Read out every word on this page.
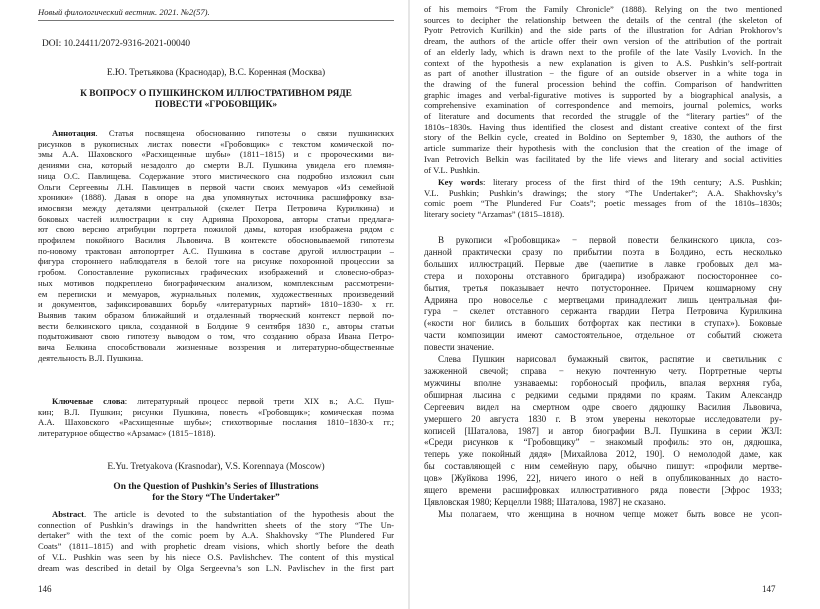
Новый филологический вестник. 2021. №2(57).
DOI: 10.24411/2072-9316-2021-00040
Е.Ю. Третьякова (Краснодар), В.С. Коренная (Москва)
К ВОПРОСУ О ПУШКИНСКОМ ИЛЛЮСТРАТИВНОМ РЯДЕ
ПОВЕСТИ «ГРОБОВЩИК»
Аннотация. Статья посвящена обоснованию гипотезы о связи пушкинских
рисунков в рукописных листах повести «Гробовщик» с текстом комической по-
эмы А.А. Шаховского «Расхищенные шубы» (1811−1815) и с пророческими ви-
дениями сна, который незадолго до смерти В.Л. Пушкина увидела его племян-
ница О.С. Павлищева. Содержание этого мистического сна подробно изложил сын
Ольги Сергеевны Л.Н. Павлищев в первой части своих мемуаров «Из семейной
хроники» (1888). Давая в опоре на два упомянутых источника расшифровку взa-
имосвязи между деталями центральной (скелет Петра Петровича Курилкина) и
боковых частей иллюстрации к сну Адрияна Прохорова, авторы статьи предлага-
ют свою версию атрибуции портрета пожилой дамы, которая изображена рядом с
профилем покойного Василия Львовича. В контексте обосновываемой гипотезы
по-новому трактован автопортрет А.С. Пушкина в составе другой иллюстрации –
фигура стороннего наблюдателя в белой тоге на рисунке похоронной процессии за
гробом. Сопоставление рукописных графических изображений и словесно-образ-
ных мотивов подкреплено биографическим анализом, комплексным рассмотрени-
ем переписки и мемуаров, журнальных полемик, художественных произведений
и документов, зафиксировавших борьбу «литературных партий» 1810−1830- х гг.
Выявив таким образом ближайший и отдаленный творческий контекст первой по-
вести белкинского цикла, созданной в Болдине 9 сентября 1830 г., авторы статьи
подытоживают свою гипотезу выводом о том, что созданию образа Ивана Петро-
вича Белкина способствовали жизненные воззрения и литературно-общественные
деятельность В.Л. Пушкина.
Ключевые слова: литературный процесс первой трети XIX в.; А.С. Пуш-
кин; В.Л. Пушкин; рисунки Пушкина, повесть «Гробовщик»; комическая поэма
А.А. Шаховского «Расхищенные шубы»; стихотворные послания 1810−1830-х гг.;
литературное общество «Арзамас» (1815−1818).
E.Yu. Tretyakova (Krasnodar), V.S. Korennaya (Moscow)
On the Question of Pushkin’s Series of Illustrations
for the Story “The Undertaker”
Abstract. The article is devoted to the substantiation of the hypothesis about the
connection of Pushkin’s drawings in the handwritten sheets of the story “The Un-
dertaker” with the text of the comic poem by A.A. Shakhovsky “The Plundered Fur
Coats” (1811–1815) and with prophetic dream visions, which shortly before the death
of V.L. Pushkin was seen by his niece O.S. Pavlishchev. The content of this mystical
dream was described in detail by Olga Sergeevna’s son L.N. Pavlischev in the first part
146
of his memoirs “From the Family Chronicle” (1888). Relying on the two mentioned
sources to decipher the relationship between the details of the central (the skeleton of
Pyotr Petrovich Kurilkin) and the side parts of the illustration for Adrian Prokhorov’s
dream, the authors of the article offer their own version of the attribution of the portrait
of an elderly lady, which is drawn next to the profile of the late Vasily Lvovich. In the
context of the hypothesis a new explanation is given to A.S. Pushkin’s self-portrait
as part of another illustration − the figure of an outside observer in a white toga in
the drawing of the funeral procession behind the coffin. Comparison of handwritten
graphic images and verbal-figurative motives is supported by a biographical analysis, a
comprehensive examination of correspondence and memoirs, journal polemics, works
of literature and documents that recorded the struggle of the “literary parties” of the
1810s−1830s. Having thus identified the closest and distant creative context of the first
story of the Belkin cycle, created in Boldino on September 9, 1830, the authors of the
article summarize their hypothesis with the conclusion that the creation of the image of
Ivan Petrovich Belkin was facilitated by the life views and literary and social activities
of V.L. Pushkin.
Key words: literary process of the first third of the 19th century; A.S. Pushkin;
V.L. Pushkin; Pushkin’s drawings; the story “The Undertaker”; A.A. Shakhovsky’s
comic poem “The Plundered Fur Coats”; poetic messages from of the 1810s–1830s;
literary society “Arzamas” (1815–1818).
В рукописи «Гробовщика» − первой повести белкинского цикла, соз-
данной практически сразу по прибытии поэта в Болдино, есть несколько
больших иллюстраций. Первые две (чаепитие в лавке гробовых дел ма-
стера и похороны отставного бригадира) изображают посюстороннее со-
бытия, третья показывает нечто потустороннее. Причем кошмарному сну
Адрияна про новоселье с мертвецами принадлежит лишь центральная фи-
гура − скелет отставного сержанта гвардии Петра Петровича Курилкина
(«кости ног бились в больших ботфортах как пестики в ступах»). Боковые
части композиции имеют самостоятельное, отдельное от событий сюжета
повести значение.
Слева Пушкин нарисовал бумажный свиток, распятие и светильник с
зажженной свечой; справа − некую почтенную чету. Портретные черты
мужчины вполне узнаваемы: горбоносый профиль, впалая верхняя губа,
обширная лысина с редкими седыми прядями по краям. Таким Александр
Сергеевич видел на смертном одре своего дядюшку Василия Львовича,
умершего 20 августа 1830 г. В этом уверены некоторые исследователи ру-
кописей [Шаталова, 1987] и автор биографии В.Л. Пушкина в серии ЖЗЛ:
«Среди рисунков к “Гробовщику” − знакомый профиль: это он, дядюшка,
теперь уже покойный дядя» [Михайлова 2012, 190]. О немолодой даме, как
бы составляющей с ним семейную пару, обычно пишут: «профили мертве-
цов» [Жуйкова 1996, 22], ничего иного о ней в опубликованных до насто-
ящего времени расшифровках иллюстративного ряда повести [Эфрос 1933;
Цявловская 1980; Керцелли 1988; Шаталова, 1987] не сказано.
Мы полагаем, что женщина в ночном чепце может быть вовсе не усоп-
147
